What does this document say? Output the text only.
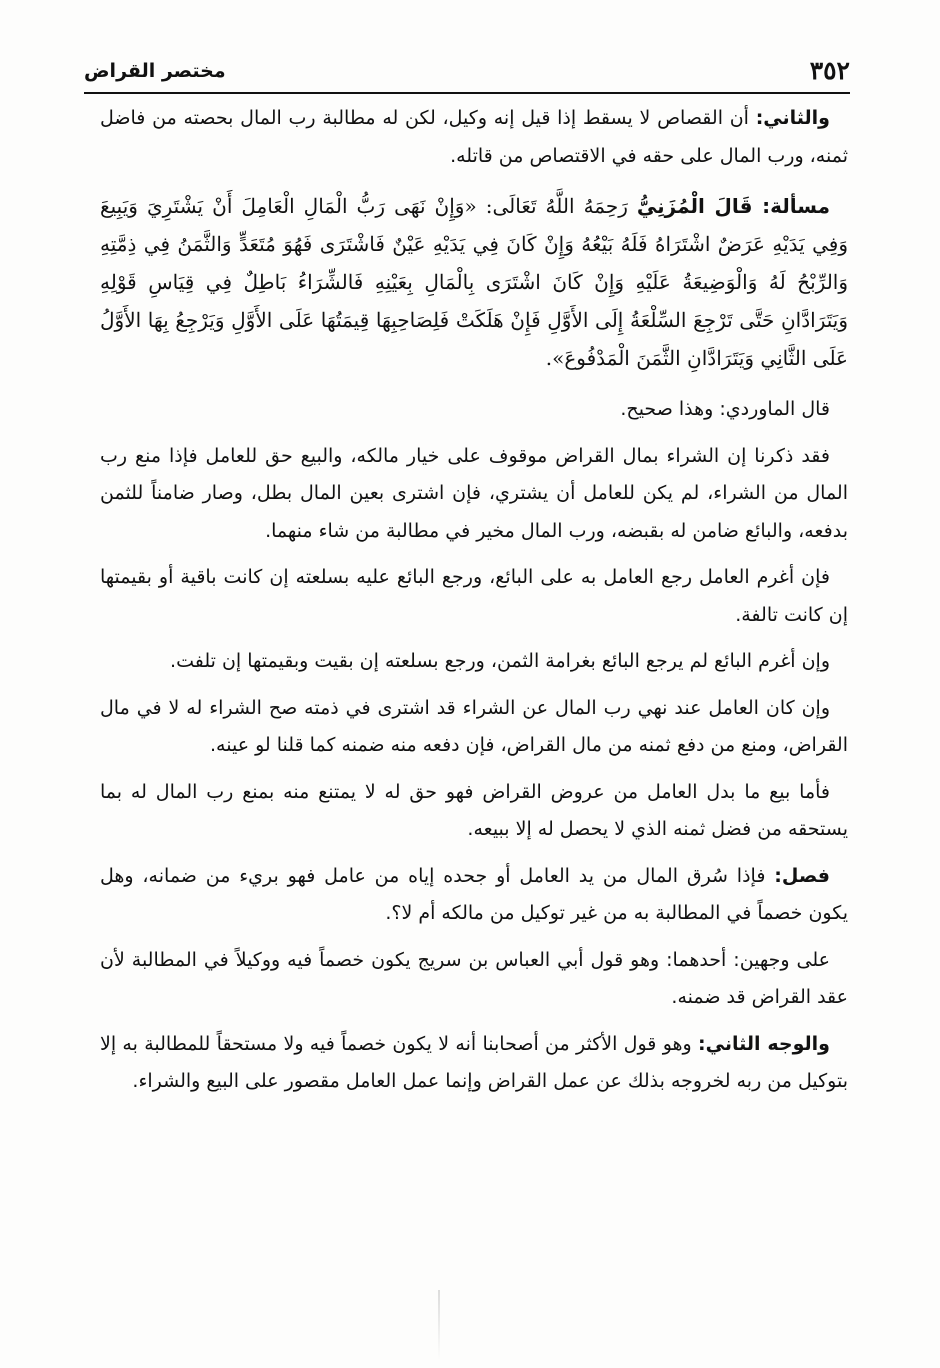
٣٥٢
مختصر القراض

والثاني: أن القصاص لا يسقط إذا قيل إنه وكيل، لكن له مطالبة رب المال بحصته من فاضل ثمنه، ورب المال على حقه في الاقتصاص من قاتله.

مسألة: قَالَ الْمُزَنِيُّ رَحِمَهُ اللَّهُ تَعَالَى: «وَإِنْ نَهَى رَبُّ الْمَالِ الْعَامِلَ أَنْ يَشْتَرِيَ وَيَبِيعَ وَفِي يَدَيْهِ عَرَضٌ اشْتَرَاهُ فَلَهُ بَيْعُهُ وَإِنْ كَانَ فِي يَدَيْهِ عَيْنٌ فَاشْتَرَى فَهُوَ مُتَعَدٍّ وَالثَّمَنُ فِي ذِمَّتِهِ وَالرِّبْحُ لَهُ وَالْوَضِيعَةُ عَلَيْهِ وَإِنْ كَانَ اشْتَرَى بِالْمَالِ بِعَيْنِهِ فَالشِّرَاءُ بَاطِلٌ فِي قِيَاسِ قَوْلِهِ وَيَتَرَادَّانِ حَتَّى تَرْجِعَ السِّلْعَةُ إِلَى الأَوَّلِ فَإِنْ هَلَكَتْ فَلِصَاحِبِهَا قِيمَتُهَا عَلَى الأَوَّلِ وَيَرْجِعُ بِهَا الأَوَّلُ عَلَى الثَّانِي وَيَتَرَادَّانِ الثَّمَنَ الْمَدْفُوعَ».

قال الماوردي: وهذا صحيح.

فقد ذكرنا إن الشراء بمال القراض موقوف على خيار مالكه، والبيع حق للعامل فإذا منع رب المال من الشراء، لم يكن للعامل أن يشتري، فإن اشترى بعين المال بطل، وصار ضامناً للثمن بدفعه، والبائع ضامن له بقبضه، ورب المال مخير في مطالبة من شاء منهما.

فإن أغرم العامل رجع العامل به على البائع، ورجع البائع عليه بسلعته إن كانت باقية أو بقيمتها إن كانت تالفة.

وإن أغرم البائع لم يرجع البائع بغرامة الثمن، ورجع بسلعته إن بقيت وبقيمتها إن تلفت.

وإن كان العامل عند نهي رب المال عن الشراء قد اشترى في ذمته صح الشراء له لا في مال القراض، ومنع من دفع ثمنه من مال القراض، فإن دفعه منه ضمنه كما قلنا لو عينه.

فأما بيع ما بدل العامل من عروض القراض فهو حق له لا يمتنع منه بمنع رب المال له بما يستحقه من فضل ثمنه الذي لا يحصل له إلا ببيعه.

فصل: فإذا سُرق المال من يد العامل أو جحده إياه من عامل فهو بريء من ضمانه، وهل يكون خصماً في المطالبة به من غير توكيل من مالكه أم لا؟.

على وجهين: أحدهما: وهو قول أبي العباس بن سريج يكون خصماً فيه ووكيلاً في المطالبة لأن عقد القراض قد ضمنه.

والوجه الثاني: وهو قول الأكثر من أصحابنا أنه لا يكون خصماً فيه ولا مستحقاً للمطالبة به إلا بتوكيل من ربه لخروجه بذلك عن عمل القراض وإنما عمل العامل مقصور على البيع والشراء.
